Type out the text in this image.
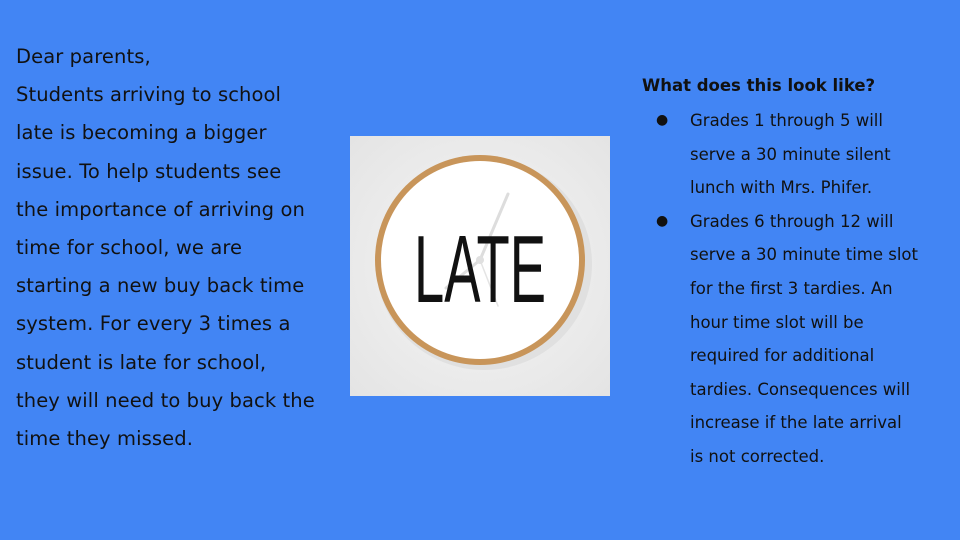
Dear parents,

Students arriving to school late is becoming a bigger issue. To help students see the importance of arriving on time for school, we are starting a new buy back time system. For every 3 times a student is late for school, they will need to buy back the time they missed.

LATE
What does this look like?
● Grades 1 through 5 will serve a 30 minute silent lunch with Mrs. Phifer.
● Grades 6 through 12 will serve a 30 minute time slot for the first 3 tardies. An hour time slot will be required for additional tardies. Consequences will increase if the late arrival is not corrected.
